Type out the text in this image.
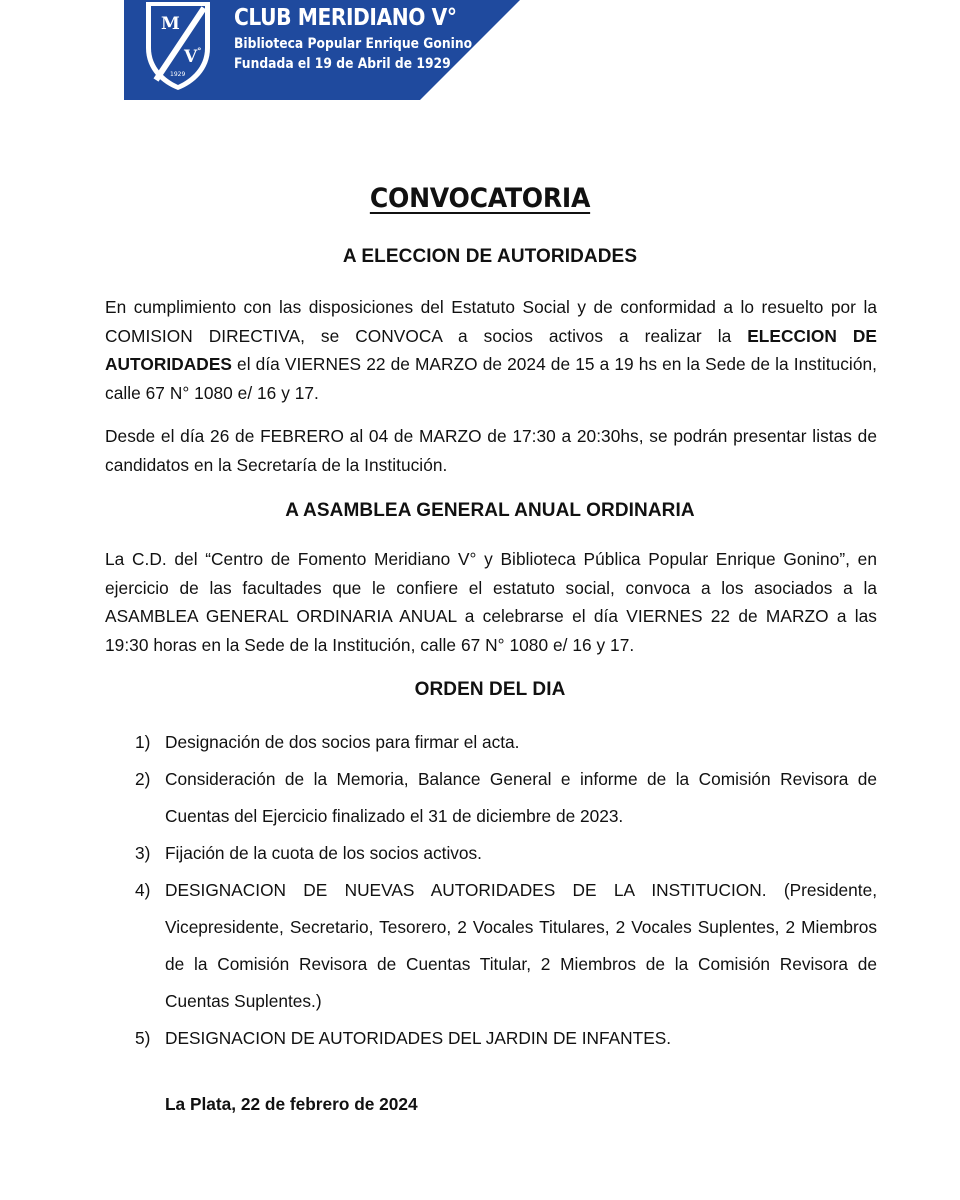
M
V °
1929
CLUB MERIDIANO V°
Biblioteca Popular Enrique Gonino
Fundada el 19 de Abril de 1929
CONVOCATORIA
A ELECCION DE AUTORIDADES
En cumplimiento con las disposiciones del Estatuto Social y de conformidad a lo resuelto por la COMISION DIRECTIVA, se CONVOCA a socios activos a realizar la ELECCION DE AUTORIDADES el día VIERNES 22 de MARZO de 2024 de 15 a 19 hs en la Sede de la Institución, calle 67 N° 1080 e/ 16 y 17.
Desde el día 26 de FEBRERO al 04 de MARZO de 17:30 a 20:30hs, se podrán presentar listas de candidatos en la Secretaría de la Institución.
A ASAMBLEA GENERAL ANUAL ORDINARIA
La C.D. del “Centro de Fomento Meridiano V° y Biblioteca Pública Popular Enrique Gonino”, en ejercicio de las facultades que le confiere el estatuto social, convoca a los asociados a la ASAMBLEA GENERAL ORDINARIA ANUAL a celebrarse el día VIERNES 22 de MARZO a las 19:30 horas en la Sede de la Institución, calle 67 N° 1080 e/ 16 y 17.
ORDEN DEL DIA
1) Designación de dos socios para firmar el acta.
2) Consideración de la Memoria, Balance General e informe de la Comisión Revisora de Cuentas del Ejercicio finalizado el 31 de diciembre de 2023.
3) Fijación de la cuota de los socios activos.
4) DESIGNACION DE NUEVAS AUTORIDADES DE LA INSTITUCION. (Presidente, Vicepresidente, Secretario, Tesorero, 2 Vocales Titulares, 2 Vocales Suplentes, 2 Miembros de la Comisión Revisora de Cuentas Titular, 2 Miembros de la Comisión Revisora de Cuentas Suplentes.)
5) DESIGNACION DE AUTORIDADES DEL JARDIN DE INFANTES.
La Plata, 22 de febrero de 2024
